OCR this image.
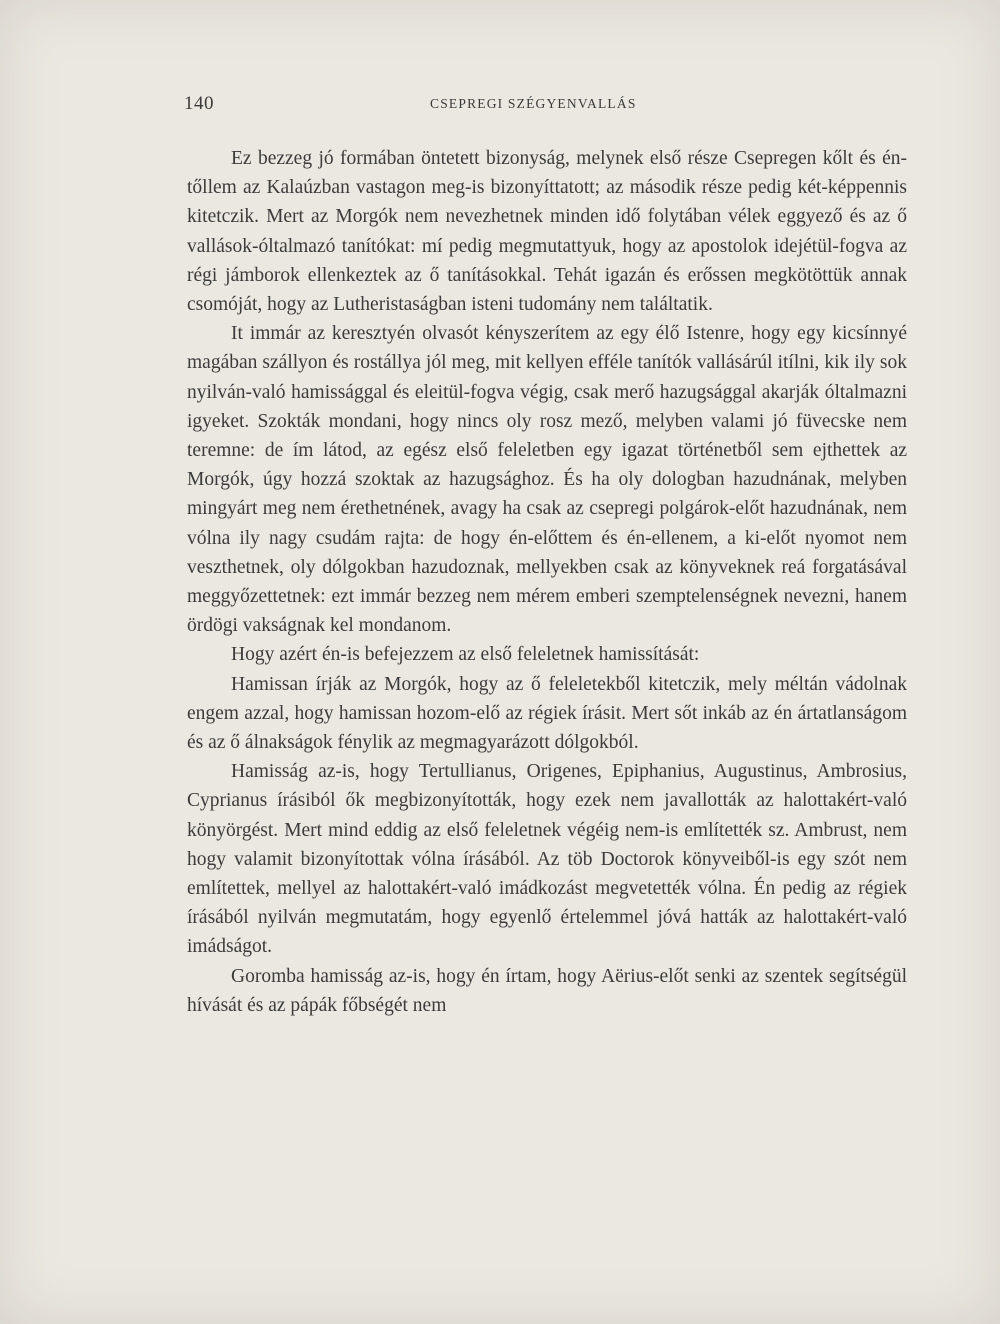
140	CSEPREGI SZÉGYENVALLÁS

Ez bezzeg jó formában öntetett bizonyság, melynek első része Csepregen kőlt és én-tőllem az Kalaúzban vastagon meg-is bizonyíttatott; az második része pedig két-képpennis kitetczik. Mert az Morgók nem nevezhetnek minden idő folytában vélek eggyező és az ő vallások-óltalmazó tanítókat: mí pedig megmutattyuk, hogy az apostolok idejétül-fogva az régi jámborok ellenkeztek az ő tanításokkal. Tehát igazán és erőssen megkötöttük annak csomóját, hogy az Lutheristaságban isteni tudomány nem találtatik.

It immár az keresztyén olvasót kényszerítem az egy élő Istenre, hogy egy kicsínnyé magában szállyon és rostállya jól meg, mit kellyen efféle tanítók vallásárúl itílni, kik ily sok nyilván-való hamissággal és eleitül-fogva végig, csak merő hazugsággal akarják óltalmazni igyeket. Szokták mondani, hogy nincs oly rosz mező, melyben valami jó füvecske nem teremne: de ím látod, az egész első feleletben egy igazat történetből sem ejthettek az Morgók, úgy hozzá szoktak az hazugsághoz. És ha oly dologban hazudnának, melyben mingyárt meg nem érethetnének, avagy ha csak az csepregi polgárok-előt hazudnának, nem vólna ily nagy csudám rajta: de hogy én-előttem és én-ellenem, a ki-előt nyomot nem veszthetnek, oly dólgokban hazudoznak, mellyekben csak az könyveknek reá forgatásával meggyőzettetnek: ezt immár bezzeg nem mérem emberi szemptelenségnek nevezni, hanem ördögi vakságnak kel mondanom.

Hogy azért én-is befejezzem az első feleletnek hamissítását:

Hamissan írják az Morgók, hogy az ő feleletekből kitetczik, mely méltán vádolnak engem azzal, hogy hamissan hozom-elő az régiek írásit. Mert sőt inkáb az én ártatlanságom és az ő álnakságok fénylik az megmagyarázott dólgokból.

Hamisság az-is, hogy Tertullianus, Origenes, Epiphanius, Augustinus, Ambrosius, Cyprianus írásiból ők megbizonyították, hogy ezek nem javallották az halottakért-való könyörgést. Mert mind eddig az első feleletnek végéig nem-is említették sz. Ambrust, nem hogy valamit bizonyítottak vólna írásából. Az töb Doctorok könyveiből-is egy szót nem említettek, mellyel az halottakért-való imádkozást megvetették vólna. Én pedig az régiek írásából nyilván megmutatám, hogy egyenlő értelemmel jóvá hatták az halottakért-való imádságot.

Goromba hamisság az-is, hogy én írtam, hogy Aërius-előt senki az szentek segítségül hívását és az pápák főbségét nem
